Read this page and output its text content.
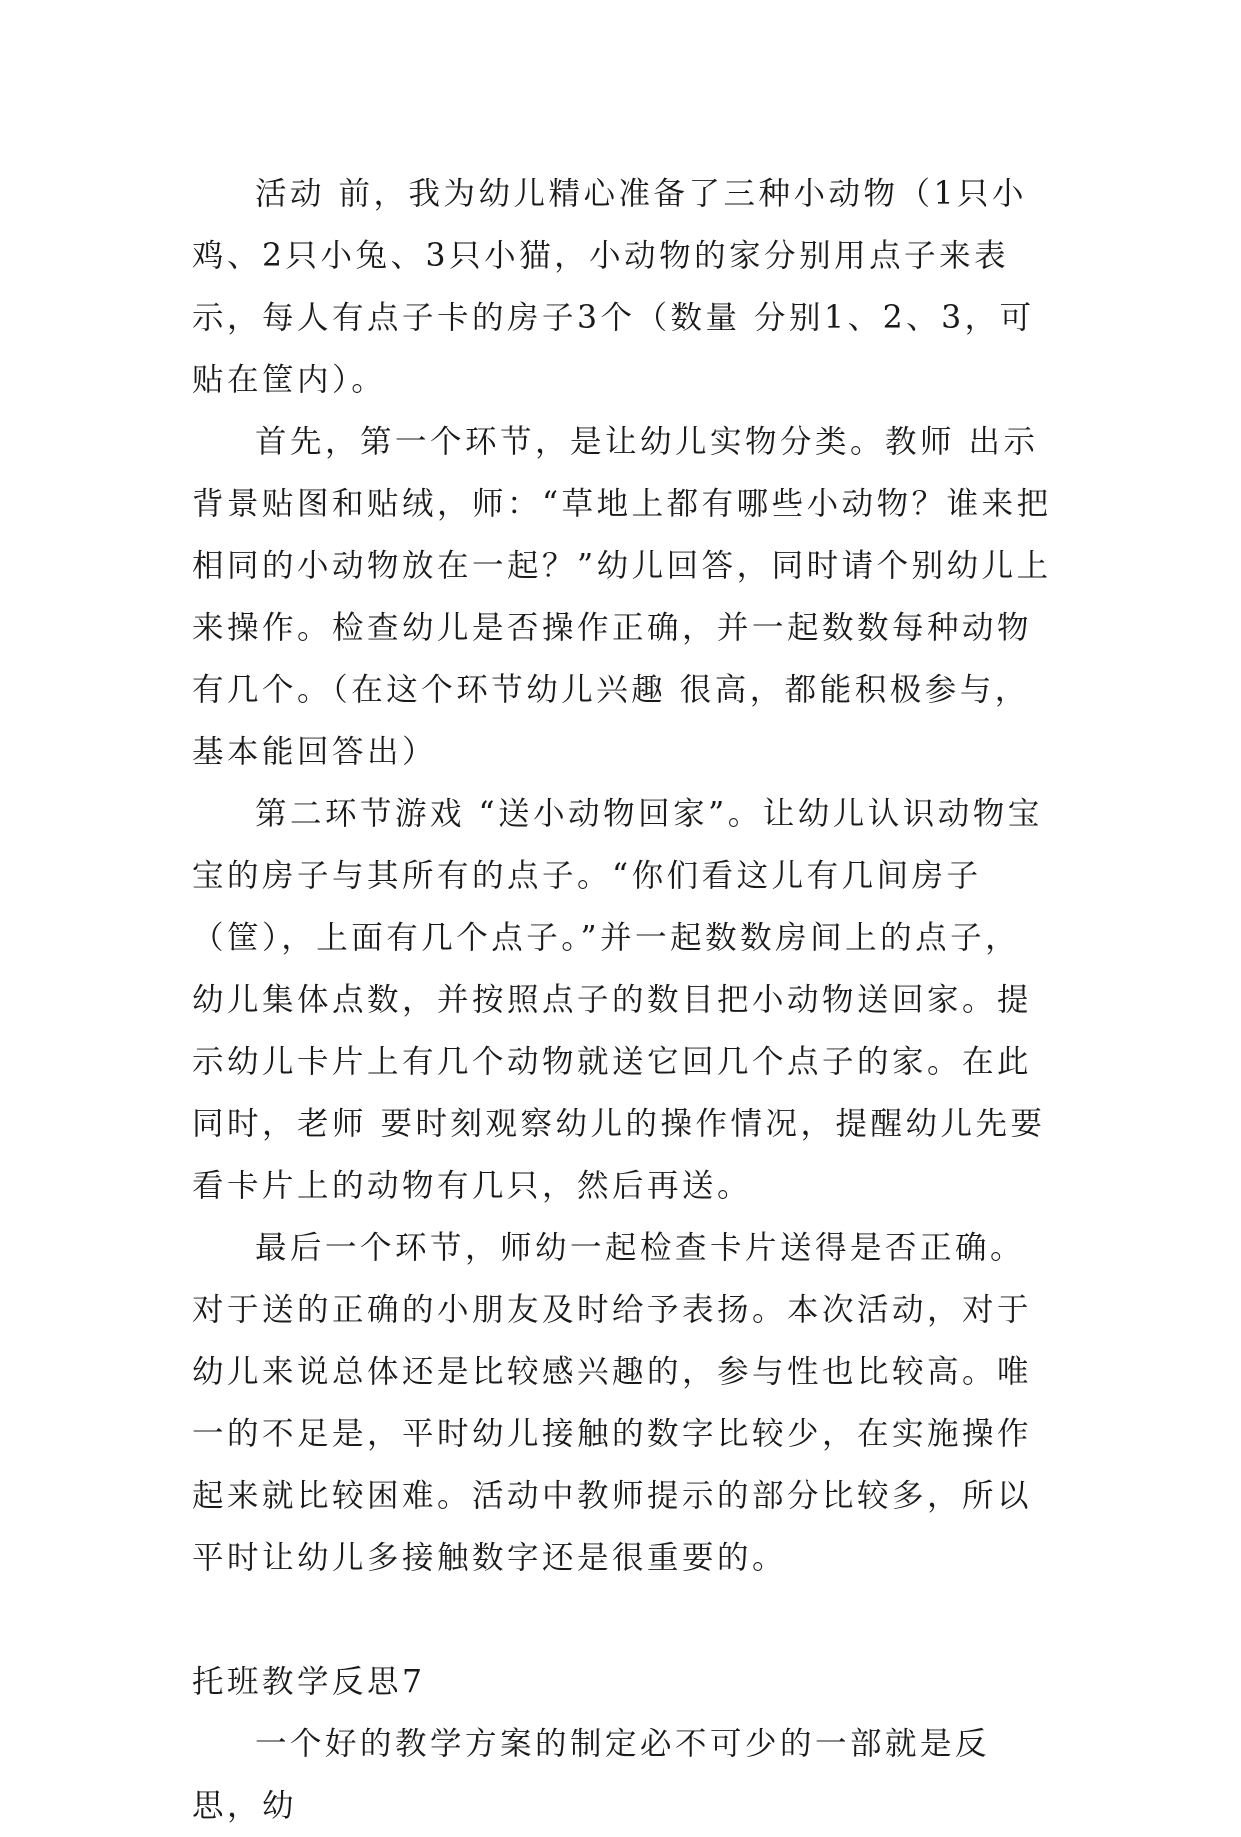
活动 前，我为幼儿精心准备了三种小动物（1只小鸡、2只小兔、3只小猫，小动物的家分别用点子来表示，每人有点子卡的房子3个（数量 分别1、2、3，可贴在筐内）。

首先，第一个环节，是让幼儿实物分类。教师 出示背景贴图和贴绒，师：“草地上都有哪些小动物？谁来把相同的小动物放在一起？”幼儿回答，同时请个别幼儿上来操作。检查幼儿是否操作正确，并一起数数每种动物有几个。（在这个环节幼儿兴趣 很高，都能积极参与，基本能回答出）

第二环节游戏 “送小动物回家”。让幼儿认识动物宝宝的房子与其所有的点子。“你们看这儿有几间房子（筐），上面有几个点子。”并一起数数房间上的点子，幼儿集体点数，并按照点子的数目把小动物送回家。提示幼儿卡片上有几个动物就送它回几个点子的家。在此同时，老师 要时刻观察幼儿的操作情况，提醒幼儿先要看卡片上的动物有几只，然后再送。

最后一个环节，师幼一起检查卡片送得是否正确。对于送的正确的小朋友及时给予表扬。本次活动，对于幼儿来说总体还是比较感兴趣的，参与性也比较高。唯一的不足是，平时幼儿接触的数字比较少，在实施操作起来就比较困难。活动中教师提示的部分比较多，所以平时让幼儿多接触数字还是很重要的。

托班教学反思7

一个好的教学方案的制定必不可少的一部就是反思，幼
